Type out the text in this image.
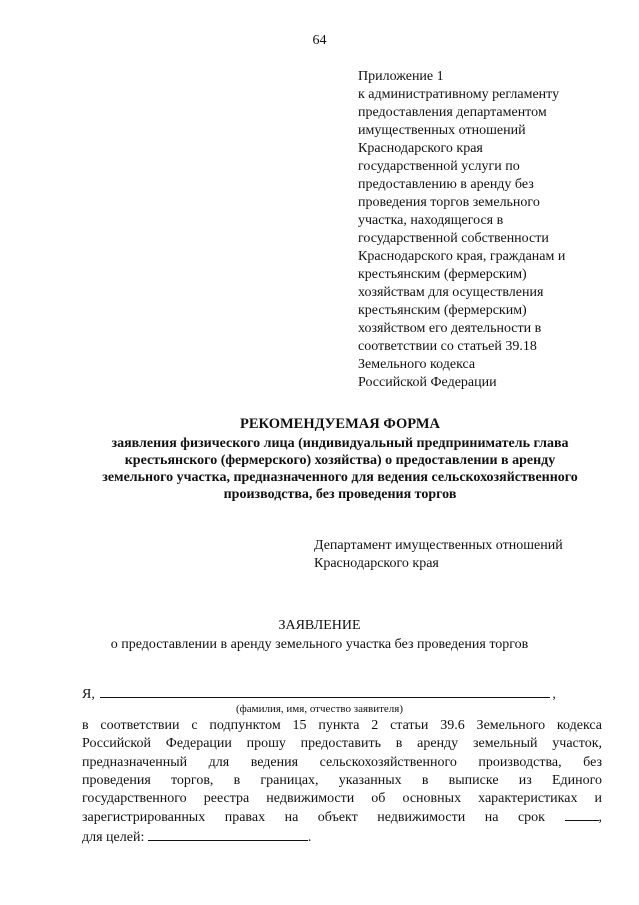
64
Приложение 1
к административному регламенту
предоставления департаментом
имущественных отношений
Краснодарского края
государственной услуги по
предоставлению в аренду без
проведения торгов земельного
участка, находящегося в
государственной собственности
Краснодарского края, гражданам и
крестьянским (фермерским)
хозяйствам для осуществления
крестьянским (фермерским)
хозяйством его деятельности в
соответствии со статьей 39.18
Земельного кодекса
Российской Федерации
РЕКОМЕНДУЕМАЯ ФОРМА
заявления физического лица (индивидуальный предприниматель глава
крестьянского (фермерского) хозяйства) о предоставлении в аренду
земельного участка, предназначенного для ведения сельскохозяйственного
производства, без проведения торгов
Департамент имущественных отношений
Краснодарского края
ЗАЯВЛЕНИЕ
о предоставлении в аренду земельного участка без проведения торгов
Я,	,
(фамилия, имя, отчество заявителя)
в соответствии с подпунктом 15 пункта 2 статьи 39.6 Земельного кодекса
Российской Федерации прошу предоставить в аренду земельный участок,
предназначенный для ведения сельскохозяйственного производства, без
проведения торгов, в границах, указанных в выписке из Единого
государственного реестра недвижимости об основных характеристиках и
зарегистрированных правах на объект недвижимости на срок	,
для целей:	.
